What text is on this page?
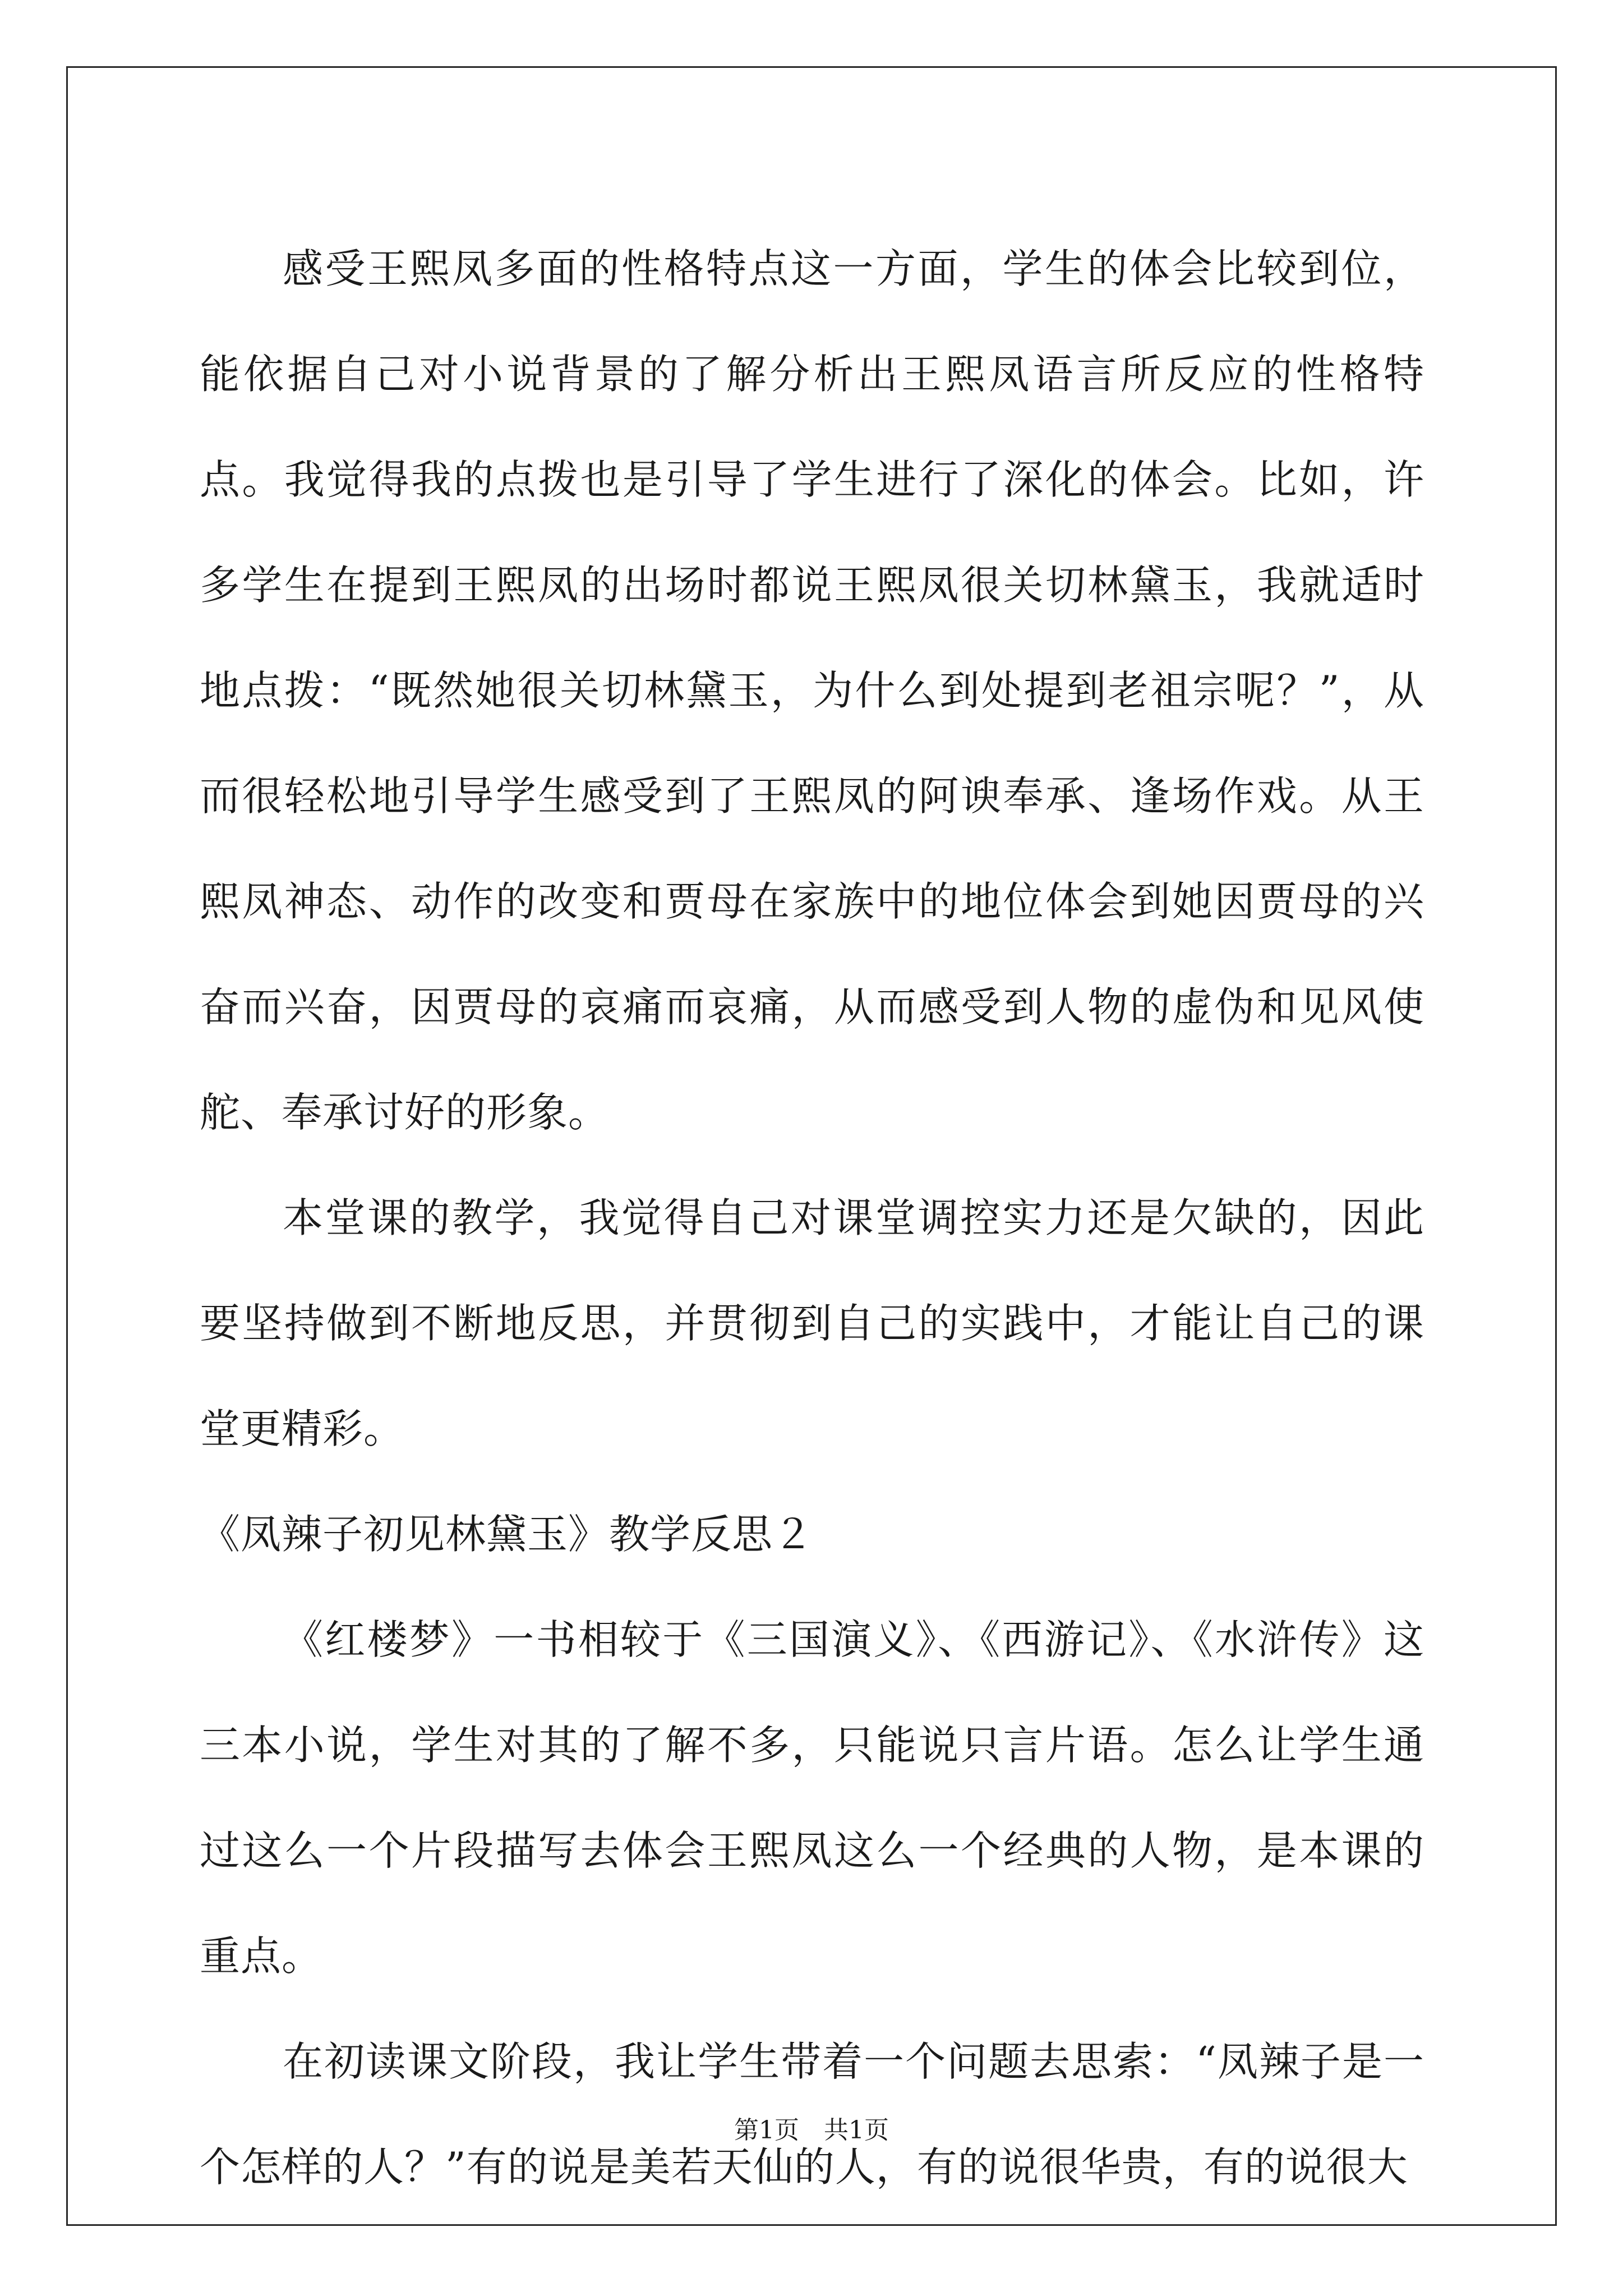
感受王熙凤多面的性格特点这一方面，学生的体会比较到位，能依据自己对小说背景的了解分析出王熙凤语言所反应的性格特点。我觉得我的点拨也是引导了学生进行了深化的体会。比如，许多学生在提到王熙凤的出场时都说王熙凤很关切林黛玉，我就适时地点拨：“既然她很关切林黛玉，为什么到处提到老祖宗呢？”，从而很轻松地引导学生感受到了王熙凤的阿谀奉承、逢场作戏。从王熙凤神态、动作的改变和贾母在家族中的地位体会到她因贾母的兴奋而兴奋，因贾母的哀痛而哀痛，从而感受到人物的虚伪和见风使舵、奉承讨好的形象。

本堂课的教学，我觉得自己对课堂调控实力还是欠缺的，因此要坚持做到不断地反思，并贯彻到自己的实践中，才能让自己的课堂更精彩。

《凤辣子初见林黛玉》教学反思２

《红楼梦》一书相较于《三国演义》、《西游记》、《水浒传》这三本小说，学生对其的了解不多，只能说只言片语。怎么让学生通过这么一个片段描写去体会王熙凤这么一个经典的人物，是本课的重点。

在初读课文阶段，我让学生带着一个问题去思索：“凤辣子是一个怎样的人？”有的说是美若天仙的人，有的说很华贵，有的说很大

第1页　共1页
